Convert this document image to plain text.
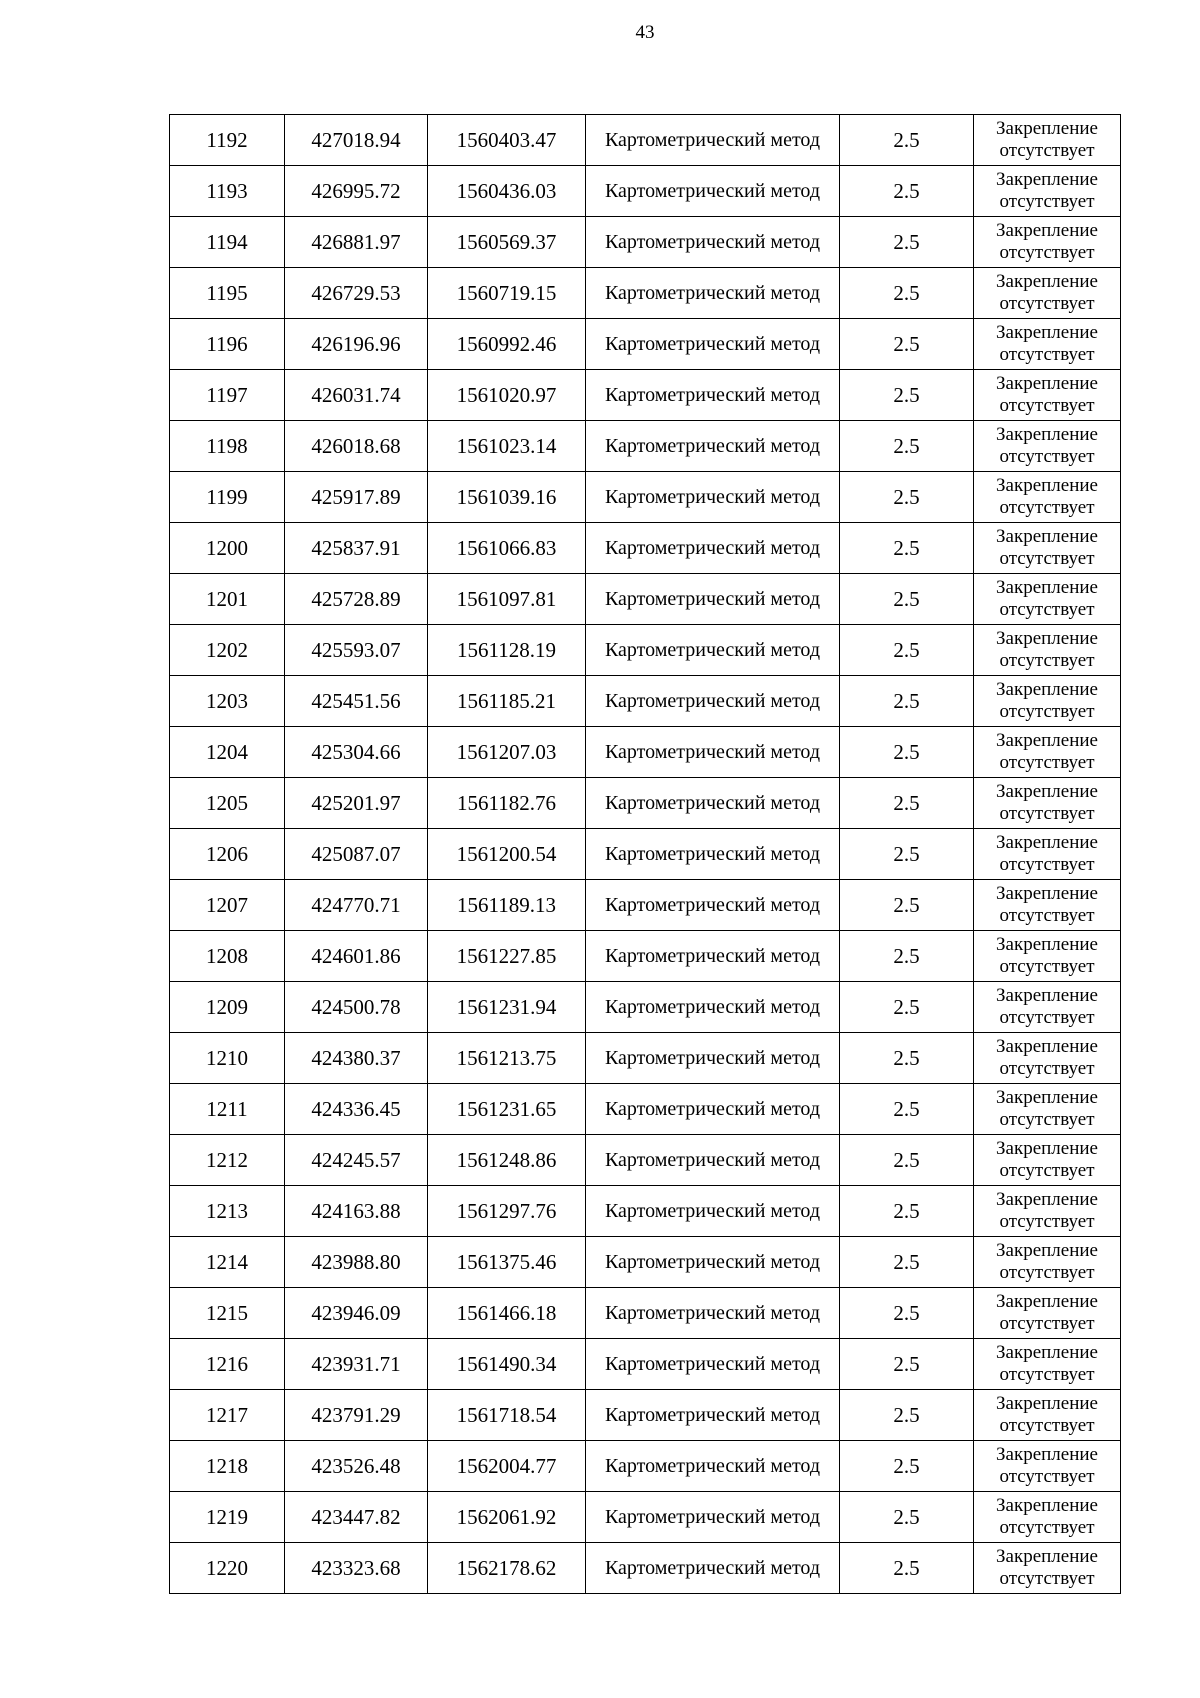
43
1192	427018.94	1560403.47	Картометрический метод	2.5	Закрепление
отсутствует

1193	426995.72	1560436.03	Картометрический метод	2.5	Закрепление
отсутствует

1194	426881.97	1560569.37	Картометрический метод	2.5	Закрепление
отсутствует

1195	426729.53	1560719.15	Картометрический метод	2.5	Закрепление
отсутствует

1196	426196.96	1560992.46	Картометрический метод	2.5	Закрепление
отсутствует

1197	426031.74	1561020.97	Картометрический метод	2.5	Закрепление
отсутствует

1198	426018.68	1561023.14	Картометрический метод	2.5	Закрепление
отсутствует

1199	425917.89	1561039.16	Картометрический метод	2.5	Закрепление
отсутствует

1200	425837.91	1561066.83	Картометрический метод	2.5	Закрепление
отсутствует

1201	425728.89	1561097.81	Картометрический метод	2.5	Закрепление
отсутствует

1202	425593.07	1561128.19	Картометрический метод	2.5	Закрепление
отсутствует

1203	425451.56	1561185.21	Картометрический метод	2.5	Закрепление
отсутствует

1204	425304.66	1561207.03	Картометрический метод	2.5	Закрепление
отсутствует

1205	425201.97	1561182.76	Картометрический метод	2.5	Закрепление
отсутствует

1206	425087.07	1561200.54	Картометрический метод	2.5	Закрепление
отсутствует

1207	424770.71	1561189.13	Картометрический метод	2.5	Закрепление
отсутствует

1208	424601.86	1561227.85	Картометрический метод	2.5	Закрепление
отсутствует

1209	424500.78	1561231.94	Картометрический метод	2.5	Закрепление
отсутствует

1210	424380.37	1561213.75	Картометрический метод	2.5	Закрепление
отсутствует

1211	424336.45	1561231.65	Картометрический метод	2.5	Закрепление
отсутствует

1212	424245.57	1561248.86	Картометрический метод	2.5	Закрепление
отсутствует

1213	424163.88	1561297.76	Картометрический метод	2.5	Закрепление
отсутствует

1214	423988.80	1561375.46	Картометрический метод	2.5	Закрепление
отсутствует

1215	423946.09	1561466.18	Картометрический метод	2.5	Закрепление
отсутствует

1216	423931.71	1561490.34	Картометрический метод	2.5	Закрепление
отсутствует

1217	423791.29	1561718.54	Картометрический метод	2.5	Закрепление
отсутствует

1218	423526.48	1562004.77	Картометрический метод	2.5	Закрепление
отсутствует

1219	423447.82	1562061.92	Картометрический метод	2.5	Закрепление
отсутствует

1220	423323.68	1562178.62	Картометрический метод	2.5	Закрепление
отсутствует
